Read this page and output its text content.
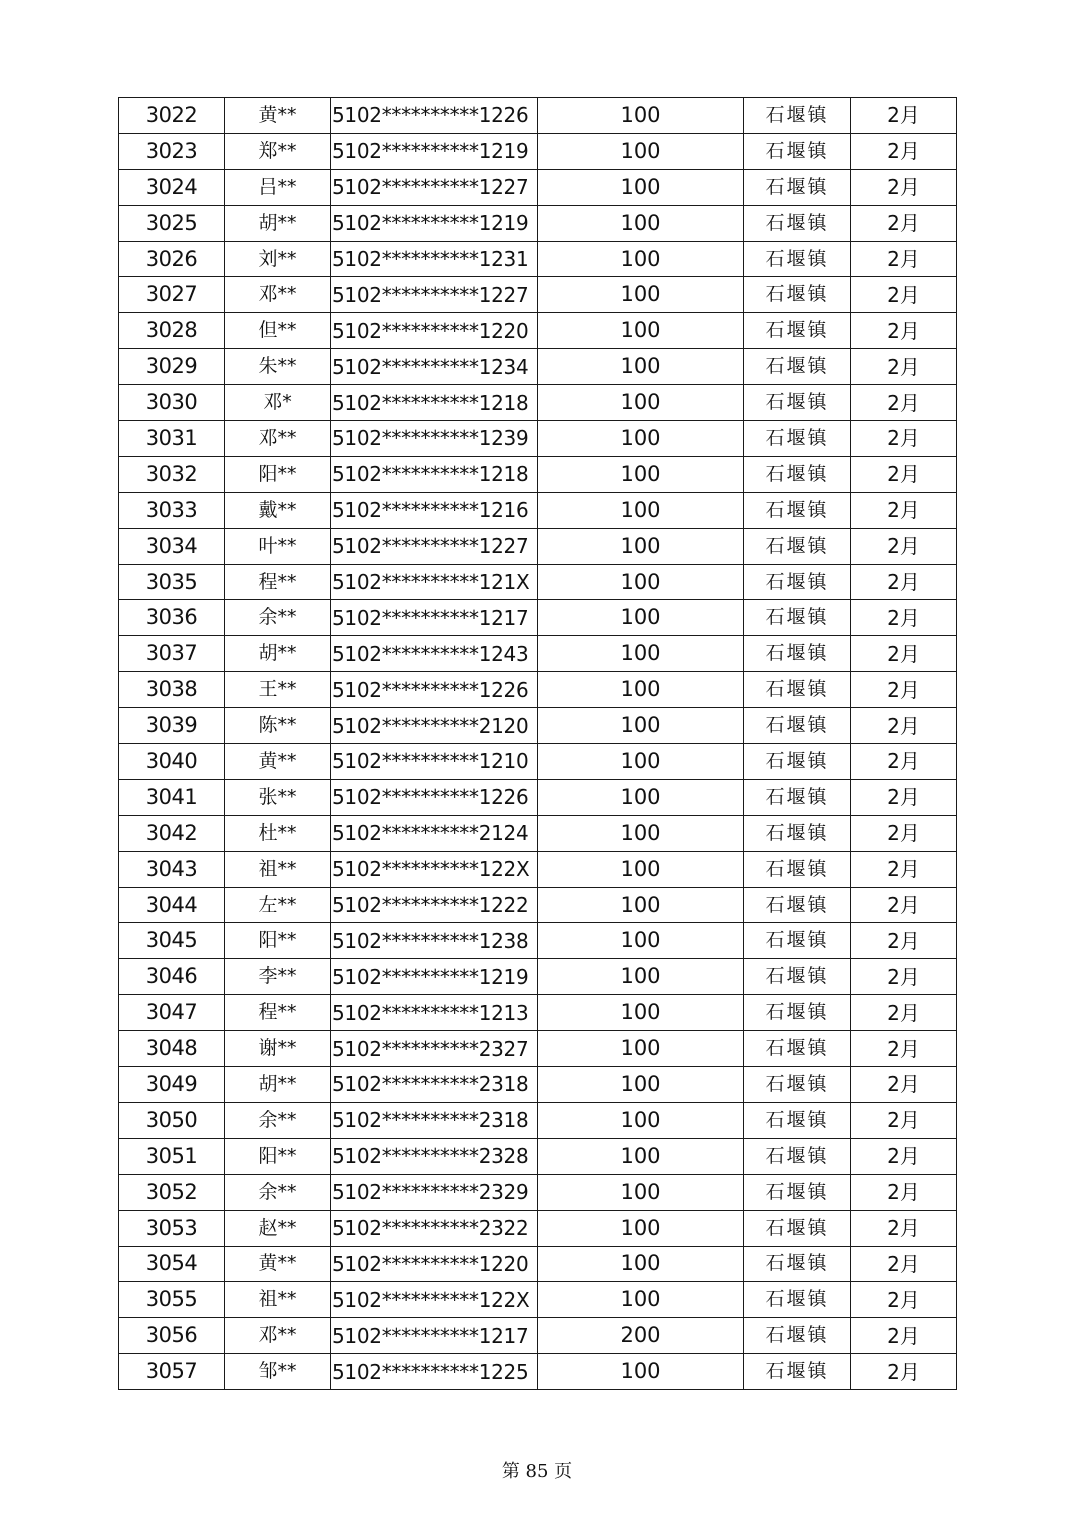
3022	黄**	5102**********1226	100	石堰镇	2月
3023	郑**	5102**********1219	100	石堰镇	2月
3024	吕**	5102**********1227	100	石堰镇	2月
3025	胡**	5102**********1219	100	石堰镇	2月
3026	刘**	5102**********1231	100	石堰镇	2月
3027	邓**	5102**********1227	100	石堰镇	2月
3028	但**	5102**********1220	100	石堰镇	2月
3029	朱**	5102**********1234	100	石堰镇	2月
3030	邓*	5102**********1218	100	石堰镇	2月
3031	邓**	5102**********1239	100	石堰镇	2月
3032	阳**	5102**********1218	100	石堰镇	2月
3033	戴**	5102**********1216	100	石堰镇	2月
3034	叶**	5102**********1227	100	石堰镇	2月
3035	程**	5102**********121X	100	石堰镇	2月
3036	余**	5102**********1217	100	石堰镇	2月
3037	胡**	5102**********1243	100	石堰镇	2月
3038	王**	5102**********1226	100	石堰镇	2月
3039	陈**	5102**********2120	100	石堰镇	2月
3040	黄**	5102**********1210	100	石堰镇	2月
3041	张**	5102**********1226	100	石堰镇	2月
3042	杜**	5102**********2124	100	石堰镇	2月
3043	祖**	5102**********122X	100	石堰镇	2月
3044	左**	5102**********1222	100	石堰镇	2月
3045	阳**	5102**********1238	100	石堰镇	2月
3046	李**	5102**********1219	100	石堰镇	2月
3047	程**	5102**********1213	100	石堰镇	2月
3048	谢**	5102**********2327	100	石堰镇	2月
3049	胡**	5102**********2318	100	石堰镇	2月
3050	余**	5102**********2318	100	石堰镇	2月
3051	阳**	5102**********2328	100	石堰镇	2月
3052	余**	5102**********2329	100	石堰镇	2月
3053	赵**	5102**********2322	100	石堰镇	2月
3054	黄**	5102**********1220	100	石堰镇	2月
3055	祖**	5102**********122X	100	石堰镇	2月
3056	邓**	5102**********1217	200	石堰镇	2月
3057	邹**	5102**********1225	100	石堰镇	2月
第 85 页
